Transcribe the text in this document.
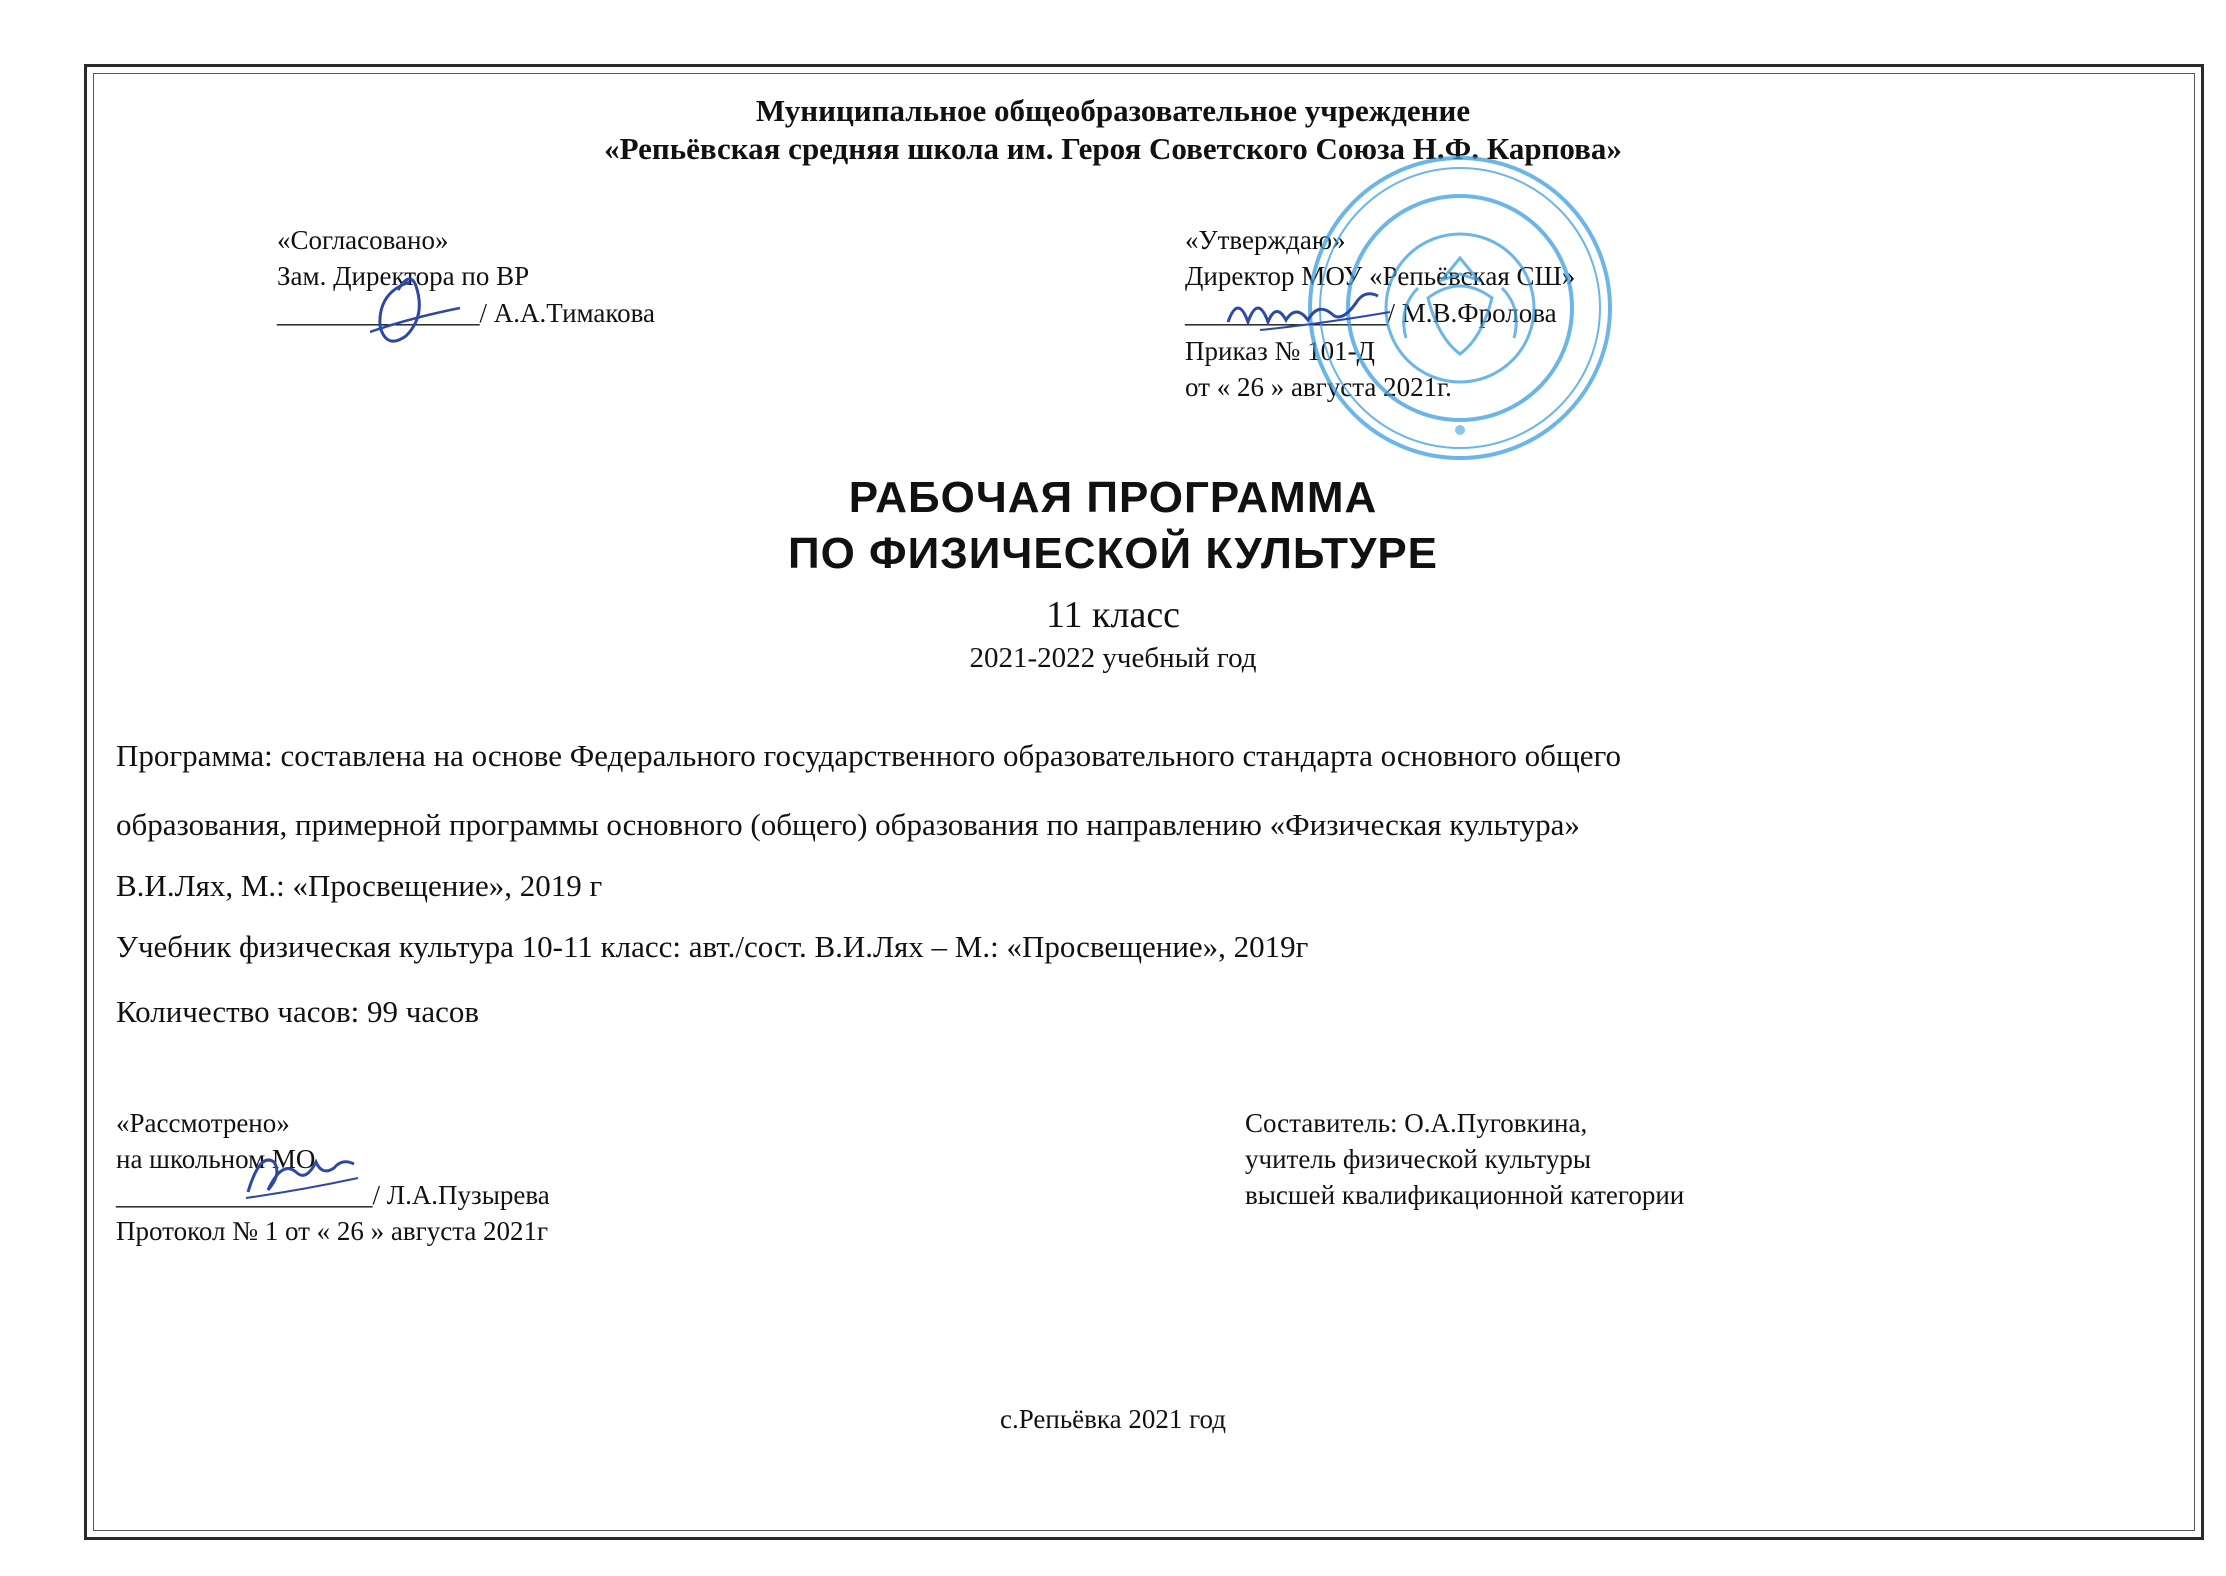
Муниципальное общеобразовательное учреждение
«Репьёвская средняя школа им. Героя Советского Союза Н.Ф. Карпова»
«Согласовано»
Зам. Директора по ВР
_______________/ А.А.Тимакова
«Утверждаю»
Директор МОУ «Репьёвская СШ»
_______________/ М.В.Фролова
Приказ № 101-Д
от « 26 » августа 2021г.
РАБОЧАЯ ПРОГРАММА
ПО ФИЗИЧЕСКОЙ КУЛЬТУРЕ
11 класс
2021-2022 учебный год
Программа: составлена на основе Федерального государственного образовательного стандарта основного общего
образования, примерной программы основного (общего) образования по направлению «Физическая культура»
В.И.Лях, М.: «Просвещение», 2019 г
Учебник физическая культура 10-11 класс: авт./сост. В.И.Лях – М.: «Просвещение», 2019г
Количество часов: 99 часов
«Рассмотрено»
на школьном МО
___________________/ Л.А.Пузырева
Протокол № 1 от « 26 » августа 2021г
Составитель: О.А.Пуговкина,
учитель физической культуры
высшей квалификационной категории
с.Репьёвка 2021 год
